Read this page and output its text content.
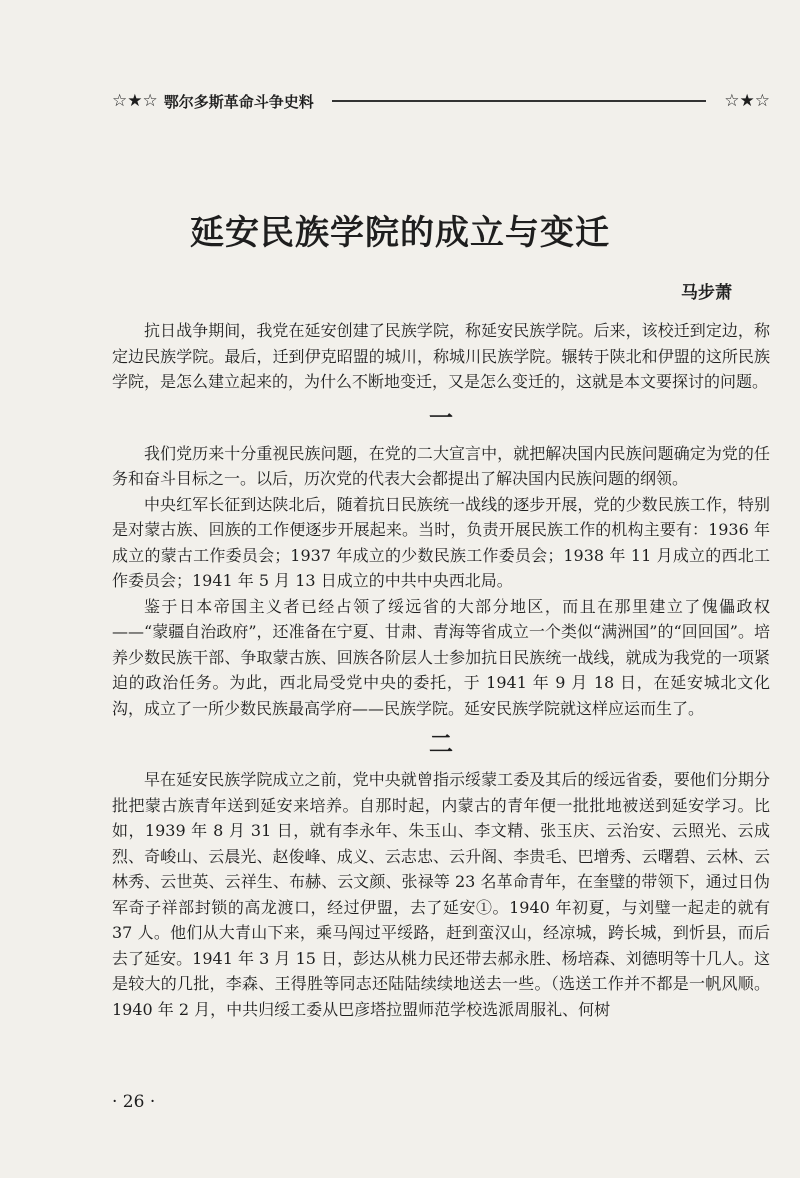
☆★☆ 鄂尔多斯革命斗争史料	☆★☆
延安民族学院的成立与变迁
马步萧

抗日战争期间，我党在延安创建了民族学院，称延安民族学院。后来，该校迁到定边，称定边民族学院。最后，迁到伊克昭盟的城川，称城川民族学院。辗转于陕北和伊盟的这所民族学院，是怎么建立起来的，为什么不断地变迁，又是怎么变迁的，这就是本文要探讨的问题。

一

我们党历来十分重视民族问题，在党的二大宣言中，就把解决国内民族问题确定为党的任务和奋斗目标之一。以后，历次党的代表大会都提出了解决国内民族问题的纲领。

中央红军长征到达陕北后，随着抗日民族统一战线的逐步开展，党的少数民族工作，特别是对蒙古族、回族的工作便逐步开展起来。当时，负责开展民族工作的机构主要有：1936 年成立的蒙古工作委员会；1937 年成立的少数民族工作委员会；1938 年 11 月成立的西北工作委员会；1941 年 5 月 13 日成立的中共中央西北局。

鉴于日本帝国主义者已经占领了绥远省的大部分地区，而且在那里建立了傀儡政权——“蒙疆自治政府”，还准备在宁夏、甘肃、青海等省成立一个类似“满洲国”的“回回国”。培养少数民族干部、争取蒙古族、回族各阶层人士参加抗日民族统一战线，就成为我党的一项紧迫的政治任务。为此，西北局受党中央的委托，于 1941 年 9 月 18 日，在延安城北文化沟，成立了一所少数民族最高学府——民族学院。延安民族学院就这样应运而生了。

二

早在延安民族学院成立之前，党中央就曾指示绥蒙工委及其后的绥远省委，要他们分期分批把蒙古族青年送到延安来培养。自那时起，内蒙古的青年便一批批地被送到延安学习。比如，1939 年 8 月 31 日，就有李永年、朱玉山、李文精、张玉庆、云治安、云照光、云成烈、奇峻山、云晨光、赵俊峰、成义、云志忠、云升阁、李贵毛、巴增秀、云曙碧、云林、云林秀、云世英、云祥生、布赫、云文颜、张禄等 23 名革命青年，在奎璧的带领下，通过日伪军奇子祥部封锁的高龙渡口，经过伊盟，去了延安①。1940 年初夏，与刘璧一起走的就有 37 人。他们从大青山下来，乘马闯过平绥路，赶到蛮汉山，经凉城，跨长城，到忻县，而后去了延安。1941 年 3 月 15 日，彭达从桃力民还带去郝永胜、杨培森、刘德明等十几人。这是较大的几批，李森、王得胜等同志还陆陆续续地送去一些。（选送工作并不都是一帆风顺。1940 年 2 月，中共归绥工委从巴彦塔拉盟师范学校选派周服礼、何树

· 26 ·
